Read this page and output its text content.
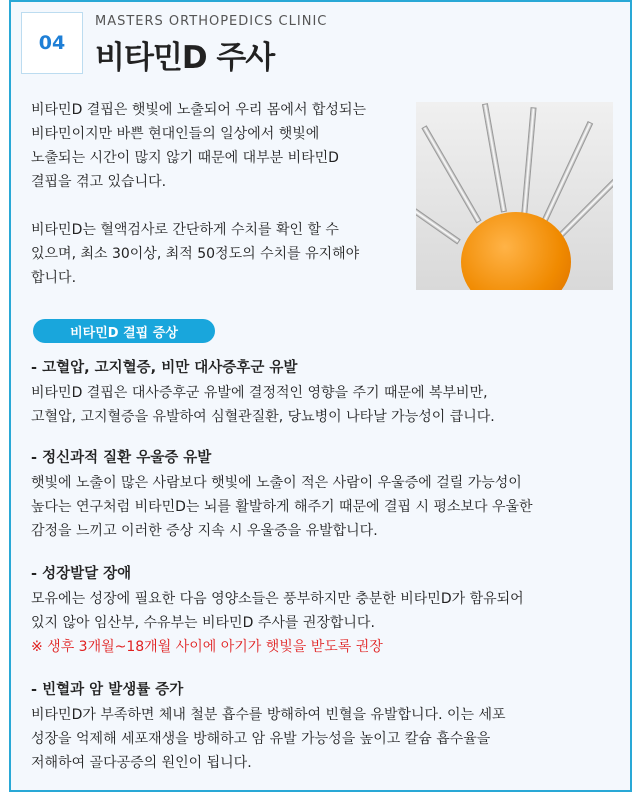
04
MASTERS ORTHOPEDICS CLINIC
비타민D 주사
비타민D 결핍은 햇빛에 노출되어 우리 몸에서 합성되는
비타민이지만 바쁜 현대인들의 일상에서 햇빛에
노출되는 시간이 많지 않기 때문에 대부분 비타민D
결핍을 겪고 있습니다.

비타민D는 혈액검사로 간단하게 수치를 확인 할 수
있으며, 최소 30이상, 최적 50정도의 수치를 유지해야
합니다.
비타민D 결핍 증상
- 고혈압, 고지혈증, 비만 대사증후군 유발

비타민D 결핍은 대사증후군 유발에 결정적인 영향을 주기 때문에 복부비만,
고혈압, 고지혈증을 유발하여 심혈관질환, 당뇨병이 나타날 가능성이 큽니다.

- 정신과적 질환 우울증 유발

햇빛에 노출이 많은 사람보다 햇빛에 노출이 적은 사람이 우울증에 걸릴 가능성이
높다는 연구처럼 비타민D는 뇌를 활발하게 해주기 때문에 결핍 시 평소보다 우울한
감정을 느끼고 이러한 증상 지속 시 우울증을 유발합니다.

- 성장발달 장애

모유에는 성장에 필요한 다음 영양소들은 풍부하지만 충분한 비타민D가 함유되어
있지 않아 임산부, 수유부는 비타민D 주사를 권장합니다.

※ 생후 3개월~18개월 사이에 아기가 햇빛을 받도록 권장

- 빈혈과 암 발생률 증가

비타민D가 부족하면 체내 철분 흡수를 방해하여 빈혈을 유발합니다. 이는 세포
성장을 억제해 세포재생을 방해하고 암 유발 가능성을 높이고 칼슘 흡수율을
저해하여 골다공증의 원인이 됩니다.
